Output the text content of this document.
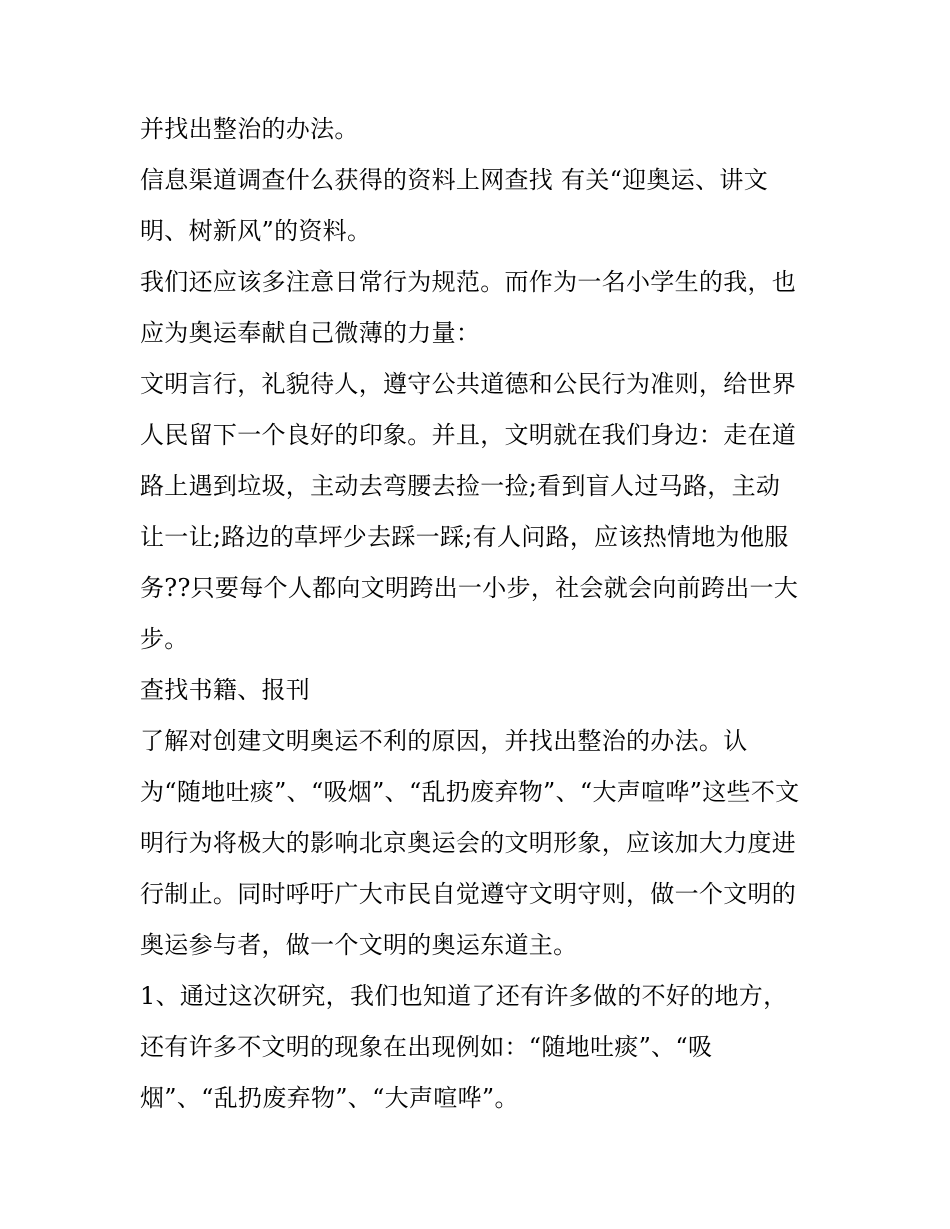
并找出整治的办法。
信息渠道调查什么获得的资料上网查找 有关“迎奥运、讲文
明、树新风”的资料。
我们还应该多注意日常行为规范。而作为一名小学生的我，也
应为奥运奉献自己微薄的力量：
文明言行，礼貌待人，遵守公共道德和公民行为准则，给世界
人民留下一个良好的印象。并且，文明就在我们身边：走在道
路上遇到垃圾，主动去弯腰去捡一捡;看到盲人过马路，主动
让一让;路边的草坪少去踩一踩;有人问路，应该热情地为他服
务??只要每个人都向文明跨出一小步，社会就会向前跨出一大
步。
查找书籍、报刊
了解对创建文明奥运不利的原因，并找出整治的办法。认
为“随地吐痰”、“吸烟”、“乱扔废弃物”、“大声喧哗”这些不文
明行为将极大的影响北京奥运会的文明形象，应该加大力度进
行制止。同时呼吁广大市民自觉遵守文明守则，做一个文明的
奥运参与者，做一个文明的奥运东道主。
1、通过这次研究，我们也知道了还有许多做的不好的地方，
还有许多不文明的现象在出现例如：“随地吐痰”、“吸
烟”、“乱扔废弃物”、“大声喧哗”。
